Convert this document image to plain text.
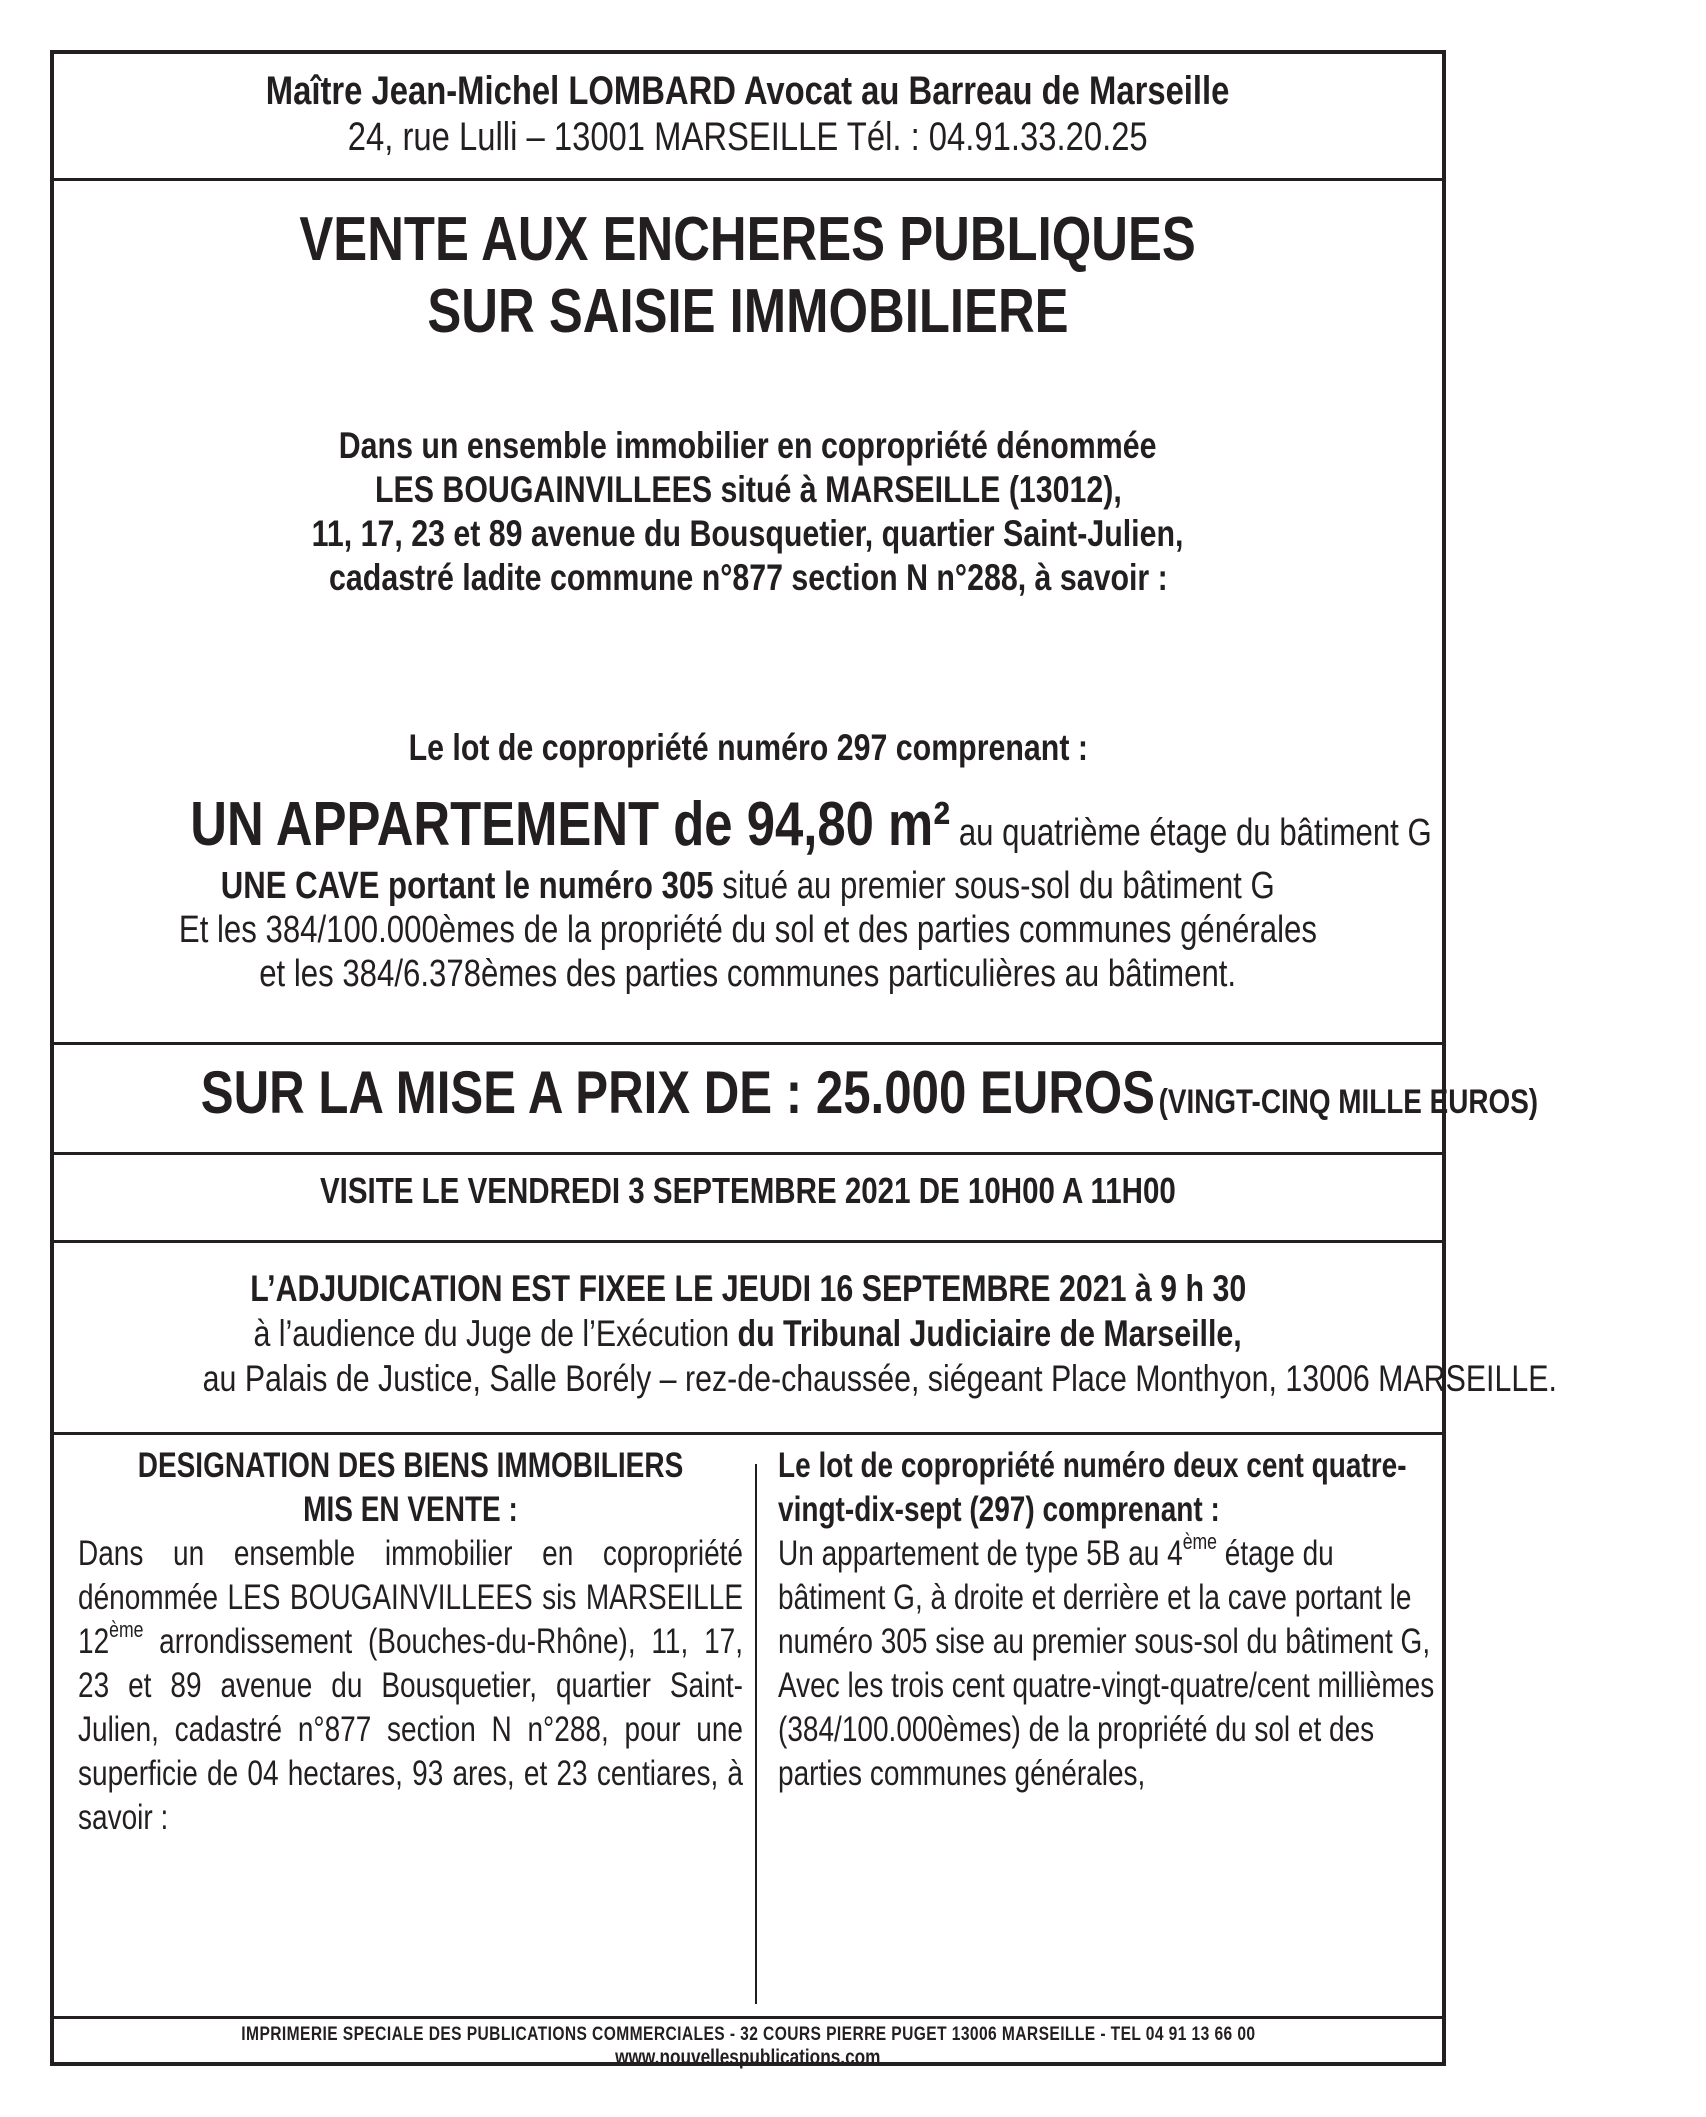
Maître Jean-Michel LOMBARD Avocat au Barreau de Marseille
24, rue Lulli – 13001 MARSEILLE Tél. : 04.91.33.20.25
VENTE AUX ENCHERES PUBLIQUES
SUR SAISIE IMMOBILIERE
Dans un ensemble immobilier en copropriété dénommée
LES BOUGAINVILLEES situé à MARSEILLE (13012),
11, 17, 23 et 89 avenue du Bousquetier, quartier Saint-Julien,
cadastré ladite commune n°877 section N n°288, à savoir :
Le lot de copropriété numéro 297 comprenant :
UN APPARTEMENT de 94,80 m² au quatrième étage du bâtiment G
UNE CAVE portant le numéro 305 situé au premier sous-sol du bâtiment G
Et les 384/100.000èmes de la propriété du sol et des parties communes générales
et les 384/6.378èmes des parties communes particulières au bâtiment.
SUR LA MISE A PRIX DE : 25.000 EUROS (VINGT-CINQ MILLE EUROS)
VISITE LE VENDREDI 3 SEPTEMBRE 2021 DE 10H00 A 11H00
L’ADJUDICATION EST FIXEE LE JEUDI 16 SEPTEMBRE 2021 à 9 h 30
à l’audience du Juge de l’Exécution du Tribunal Judiciaire de Marseille,
au Palais de Justice, Salle Borély – rez-de-chaussée, siégeant Place Monthyon, 13006 MARSEILLE.
DESIGNATION DES BIENS IMMOBILIERS
MIS EN VENTE :
Dans un ensemble immobilier en copropriété dénommée LES BOUGAINVILLEES sis MARSEILLE 12ème arrondissement (Bouches-du-Rhône), 11, 17, 23 et 89 avenue du Bousquetier, quartier Saint-Julien, cadastré n°877 section N n°288, pour une superficie de 04 hectares, 93 ares, et 23 centiares, à savoir :
Le lot de copropriété numéro deux cent quatre-vingt-dix-sept (297) comprenant :
Un appartement de type 5B au 4ème étage du bâtiment G, à droite et derrière et la cave portant le numéro 305 sise au premier sous-sol du bâtiment G,
Avec les trois cent quatre-vingt-quatre/cent millièmes (384/100.000èmes) de la propriété du sol et des parties communes générales,
IMPRIMERIE SPECIALE DES PUBLICATIONS COMMERCIALES - 32 COURS PIERRE PUGET 13006 MARSEILLE - TEL 04 91 13 66 00
www.nouvellespublications.com
